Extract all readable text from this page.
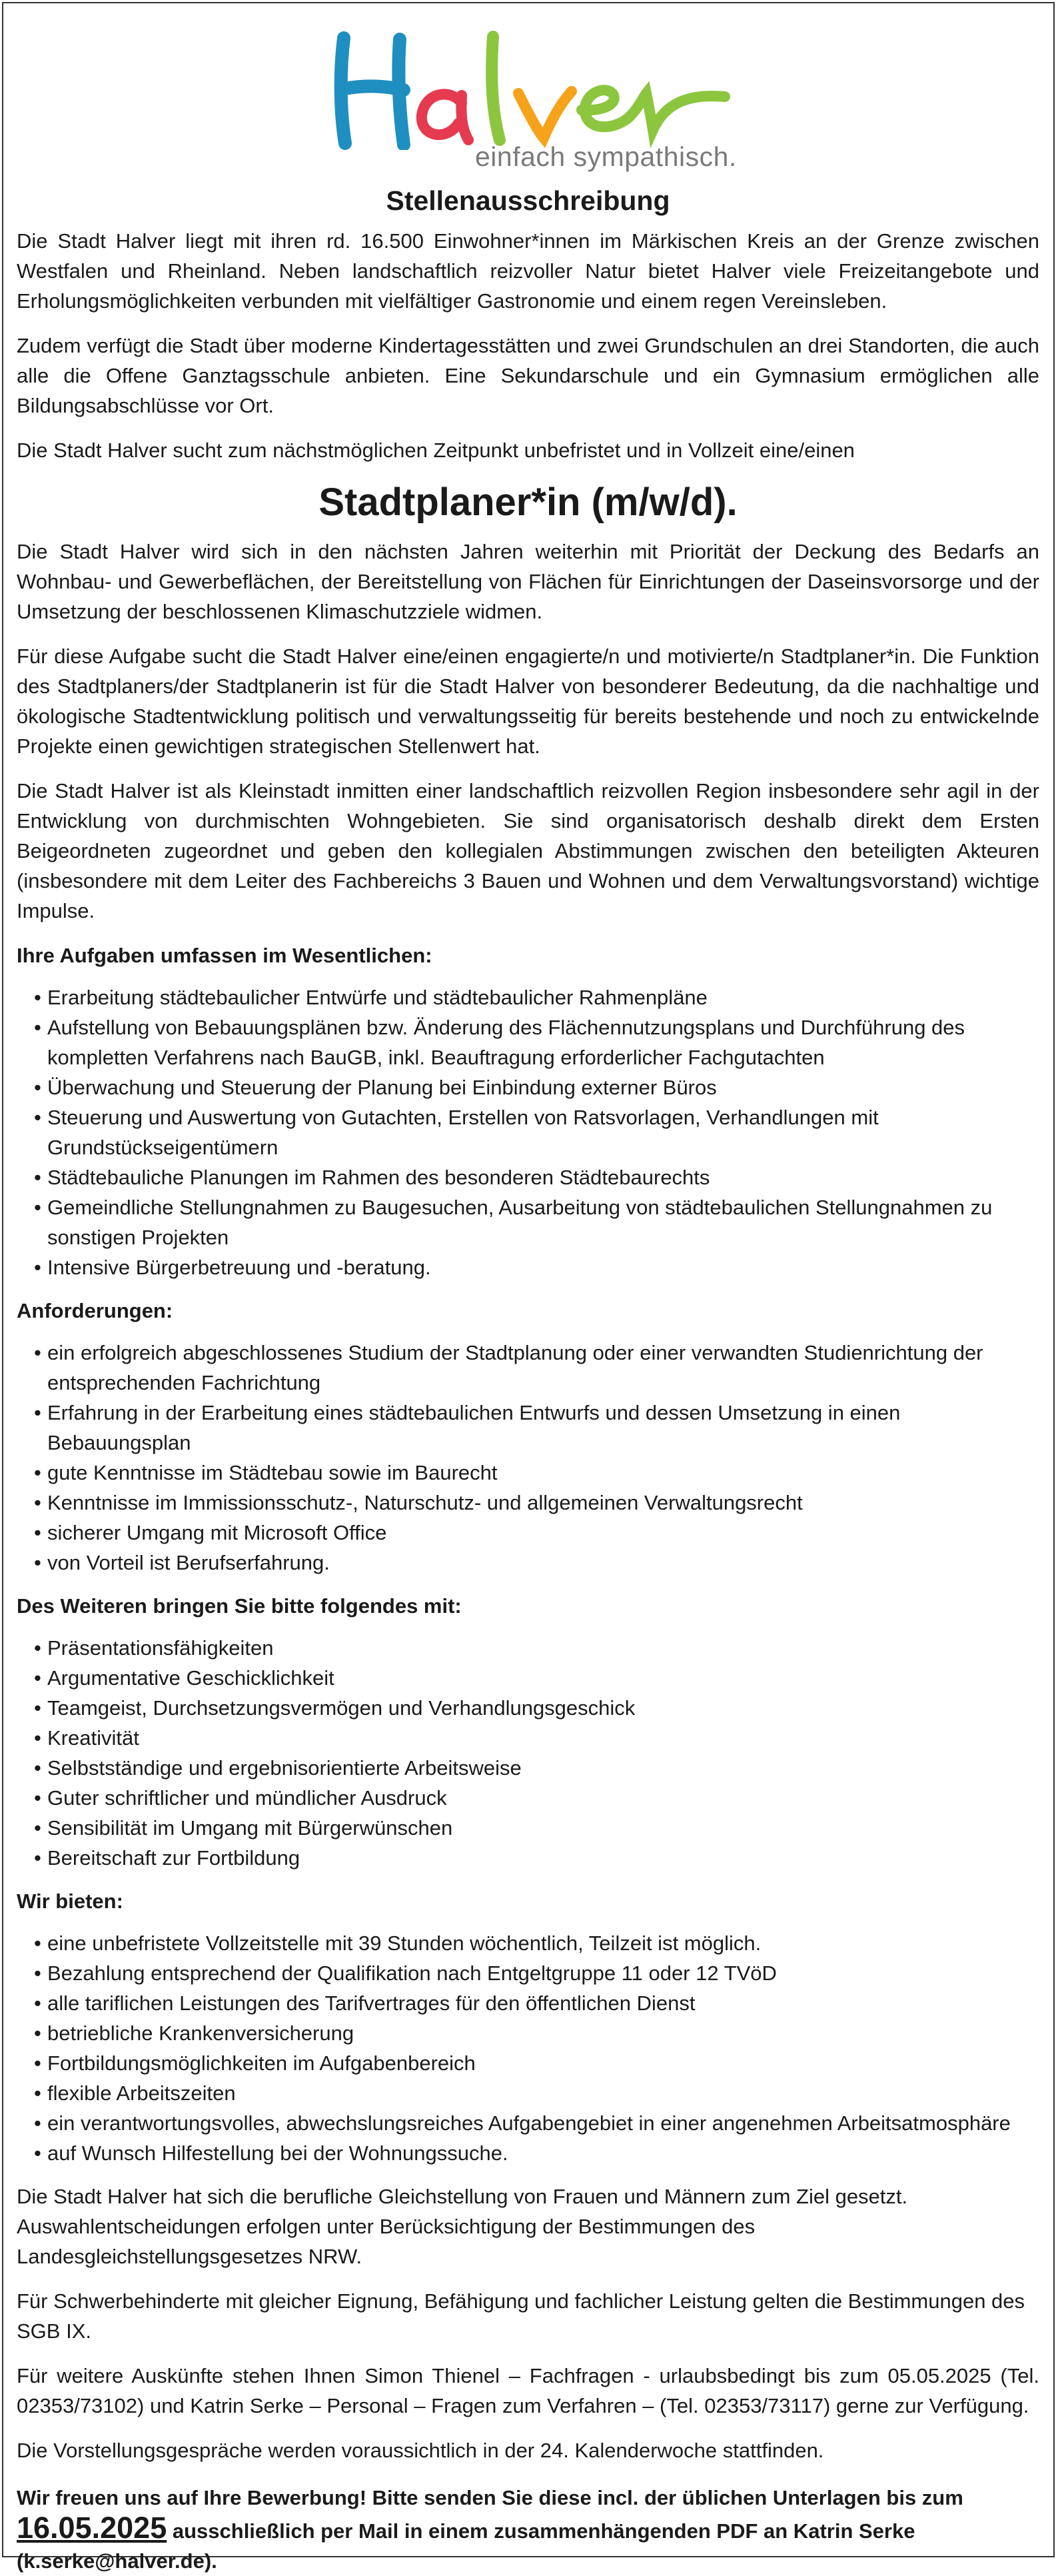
einfach sympathisch.
Stellenausschreibung

Die Stadt Halver liegt mit ihren rd. 16.500 Einwohner*innen im Märkischen Kreis an der Grenze zwischen Westfalen und Rheinland. Neben landschaftlich reizvoller Natur bietet Halver viele Freizeitangebote und Erholungsmöglichkeiten verbunden mit vielfältiger Gastronomie und einem regen Vereinsleben.

Zudem verfügt die Stadt über moderne Kindertagesstätten und zwei Grundschulen an drei Standorten, die auch alle die Offene Ganztagsschule anbieten. Eine Sekundarschule und ein Gymnasium ermöglichen alle Bildungsabschlüsse vor Ort.

Die Stadt Halver sucht zum nächstmöglichen Zeitpunkt unbefristet und in Vollzeit eine/einen

Stadtplaner*in (m/w/d).

Die Stadt Halver wird sich in den nächsten Jahren weiterhin mit Priorität der Deckung des Bedarfs an Wohnbau- und Gewerbeflächen, der Bereitstellung von Flächen für Einrichtungen der Daseinsvorsorge und der Umsetzung der beschlossenen Klimaschutzziele widmen.

Für diese Aufgabe sucht die Stadt Halver eine/einen engagierte/n und motivierte/n Stadtplaner*in. Die Funktion des Stadtplaners/der Stadtplanerin ist für die Stadt Halver von besonderer Bedeutung, da die nachhaltige und ökologische Stadtentwicklung politisch und verwaltungsseitig für bereits bestehende und noch zu entwickelnde Projekte einen gewichtigen strategischen Stellenwert hat.

Die Stadt Halver ist als Kleinstadt inmitten einer landschaftlich reizvollen Region insbesondere sehr agil in der Entwicklung von durchmischten Wohngebieten. Sie sind organisatorisch deshalb direkt dem Ersten Beigeordneten zugeordnet und geben den kollegialen Abstimmungen zwischen den beteiligten Akteuren (insbesondere mit dem Leiter des Fachbereichs 3 Bauen und Wohnen und dem Verwaltungsvorstand) wichtige Impulse.

Ihre Aufgaben umfassen im Wesentlichen:
• Erarbeitung städtebaulicher Entwürfe und städtebaulicher Rahmenpläne
• Aufstellung von Bebauungsplänen bzw. Änderung des Flächennutzungsplans und Durchführung des kompletten Verfahrens nach BauGB, inkl. Beauftragung erforderlicher Fachgutachten
• Überwachung und Steuerung der Planung bei Einbindung externer Büros
• Steuerung und Auswertung von Gutachten, Erstellen von Ratsvorlagen, Verhandlungen mit Grundstückseigentümern
• Städtebauliche Planungen im Rahmen des besonderen Städtebaurechts
• Gemeindliche Stellungnahmen zu Baugesuchen, Ausarbeitung von städtebaulichen Stellungnahmen zu sonstigen Projekten
• Intensive Bürgerbetreuung und -beratung.
Anforderungen:
• ein erfolgreich abgeschlossenes Studium der Stadtplanung oder einer verwandten Studienrichtung der entsprechenden Fachrichtung
• Erfahrung in der Erarbeitung eines städtebaulichen Entwurfs und dessen Umsetzung in einen Bebauungsplan
• gute Kenntnisse im Städtebau sowie im Baurecht
• Kenntnisse im Immissionsschutz-, Naturschutz- und allgemeinen Verwaltungsrecht
• sicherer Umgang mit Microsoft Office
• von Vorteil ist Berufserfahrung.
Des Weiteren bringen Sie bitte folgendes mit:
• Präsentationsfähigkeiten
• Argumentative Geschicklichkeit
• Teamgeist, Durchsetzungsvermögen und Verhandlungsgeschick
• Kreativität
• Selbstständige und ergebnisorientierte Arbeitsweise
• Guter schriftlicher und mündlicher Ausdruck
• Sensibilität im Umgang mit Bürgerwünschen
• Bereitschaft zur Fortbildung
Wir bieten:
• eine unbefristete Vollzeitstelle mit 39 Stunden wöchentlich, Teilzeit ist möglich.
• Bezahlung entsprechend der Qualifikation nach Entgeltgruppe 11 oder 12 TVöD
• alle tariflichen Leistungen des Tarifvertrages für den öffentlichen Dienst
• betriebliche Krankenversicherung
• Fortbildungsmöglichkeiten im Aufgabenbereich
• flexible Arbeitszeiten
• ein verantwortungsvolles, abwechslungsreiches Aufgabengebiet in einer angenehmen Arbeitsatmosphäre
• auf Wunsch Hilfestellung bei der Wohnungssuche.

Die Stadt Halver hat sich die berufliche Gleichstellung von Frauen und Männern zum Ziel gesetzt. Auswahlentscheidungen erfolgen unter Berücksichtigung der Bestimmungen des Landesgleichstellungsgesetzes NRW.

Für Schwerbehinderte mit gleicher Eignung, Befähigung und fachlicher Leistung gelten die Bestimmungen des SGB IX.

Für weitere Auskünfte stehen Ihnen Simon Thienel – Fachfragen - urlaubsbedingt bis zum 05.05.2025 (Tel. 02353/73102) und Katrin Serke – Personal – Fragen zum Verfahren – (Tel. 02353/73117) gerne zur Verfügung.

Die Vorstellungsgespräche werden voraussichtlich in der 24. Kalenderwoche stattfinden.

Wir freuen uns auf Ihre Bewerbung! Bitte senden Sie diese incl. der üblichen Unterlagen bis zum 16.05.2025 ausschließlich per Mail in einem zusammenhängenden PDF an Katrin Serke (k.serke@halver.de).
